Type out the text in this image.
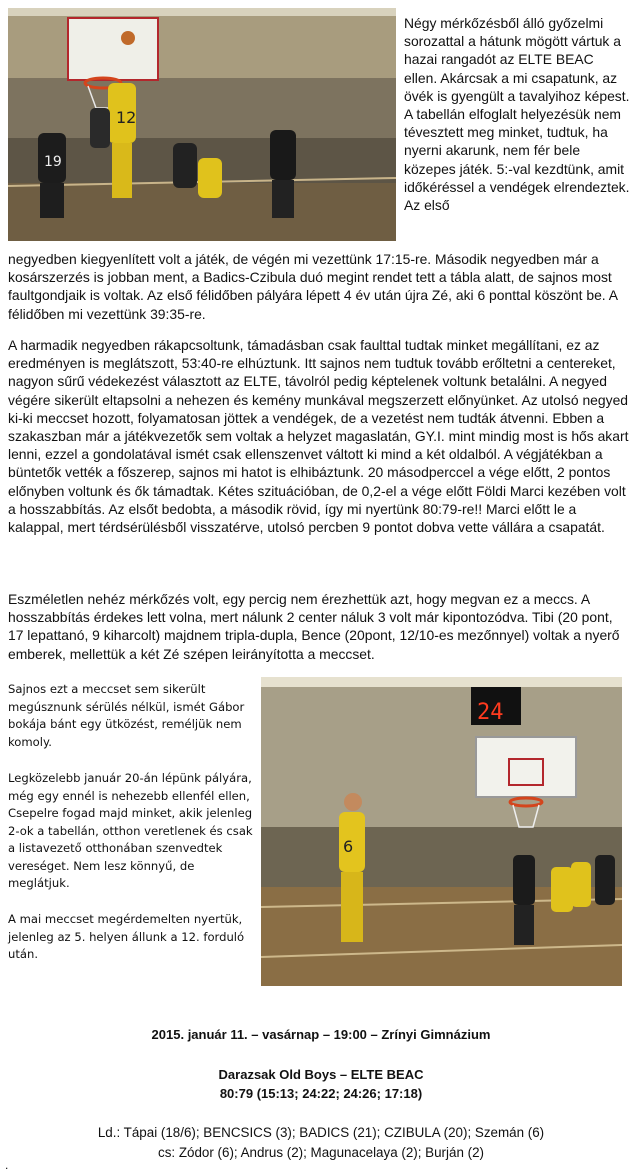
12
19
Négy mérkőzésből álló győzelmi sorozattal a hátunk mögött vártuk a hazai rangadót az ELTE BEAC ellen. Akárcsak a mi csapatunk, az övék is gyengült a tavalyihoz képest. A tabellán elfoglalt helyezésük nem tévesztett meg minket, tudtuk, ha nyerni akarunk, nem fér bele közepes játék. 5:-val kezdtünk, amit időkéréssel a vendégek elrendeztek. Az első
negyedben kiegyenlített volt a játék, de végén mi vezettünk 17:15-re. Második negyedben már a kosárszerzés is jobban ment, a Badics-Czibula duó megint rendet tett a tábla alatt, de sajnos most faultgondjaik is voltak. Az első félidőben pályára lépett 4 év után újra Zé, aki 6 ponttal köszönt be. A félidőben mi vezettünk 39:35-re.
A harmadik negyedben rákapcsoltunk, támadásban csak faulttal tudtak minket megállítani, ez az eredményen is meglátszott, 53:40-re elhúztunk. Itt sajnos nem tudtuk tovább erőltetni a centereket, nagyon sűrű védekezést választott az ELTE, távolról pedig képtelenek voltunk betalálni. A negyed végére sikerült eltapsolni a nehezen és kemény munkával megszerzett előnyünket. Az utolsó negyed ki-ki meccset hozott, folyamatosan jöttek a vendégek, de a vezetést nem tudták átvenni. Ebben a szakaszban már a játékvezetők sem voltak a helyzet magaslatán, GY.I. mint mindig most is hős akart lenni, ezzel a gondolatával ismét csak ellenszenvet váltott ki mind a két oldalból. A végjátékban a büntetők vették a főszerep, sajnos mi hatot is elhibáztunk. 20 másodperccel a vége előtt, 2 pontos előnyben voltunk és ők támadtak. Kétes szituációban, de 0,2-el a vége előtt Földi Marci kezében volt a hosszabbítás. Az elsőt bedobta, a második rövid, így mi nyertünk 80:79-re!! Marci előtt le a kalappal, mert térdsérülésből visszatérve, utolsó percben 9 pontot dobva vette vállára a csapatát.
Eszméletlen nehéz mérkőzés volt, egy percig nem érezhettük azt, hogy megvan ez a meccs. A hosszabbítás érdekes lett volna, mert nálunk 2 center náluk 3 volt már kipontozódva. Tibi (20 pont, 17 lepattanó, 9 kiharcolt) majdnem tripla-dupla, Bence (20pont, 12/10-es mezőnnyel) voltak a nyerő emberek, mellettük a két Zé szépen leirányította a meccset.
Sajnos ezt a meccset sem sikerült megúsznunk sérülés nélkül, ismét Gábor bokája bánt egy ütközést, reméljük nem komoly.
Legközelebb január 20-án lépünk pályára, még egy ennél is nehezebb ellenfél ellen, Csepelre fogad majd minket, akik jelenleg 2-ok a tabellán, otthon veretlenek és csak a listavezető otthonában szenvedtek vereséget. Nem lesz könnyű, de meglátjuk.
A mai meccset megérdemelten nyertük, jelenleg az 5. helyen állunk a 12. forduló után.
24
6
2015. január 11. – vasárnap – 19:00 – Zrínyi Gimnázium
Darazsak Old Boys – ELTE BEAC
80:79 (15:13; 24:22; 24:26; 17:18)
Ld.: Tápai (18/6); BENCSICS (3); BADICS (21); CZIBULA (20); Szemán (6)
cs: Zódor (6); Andrus (2); Magunacelaya (2); Burján (2)
.
